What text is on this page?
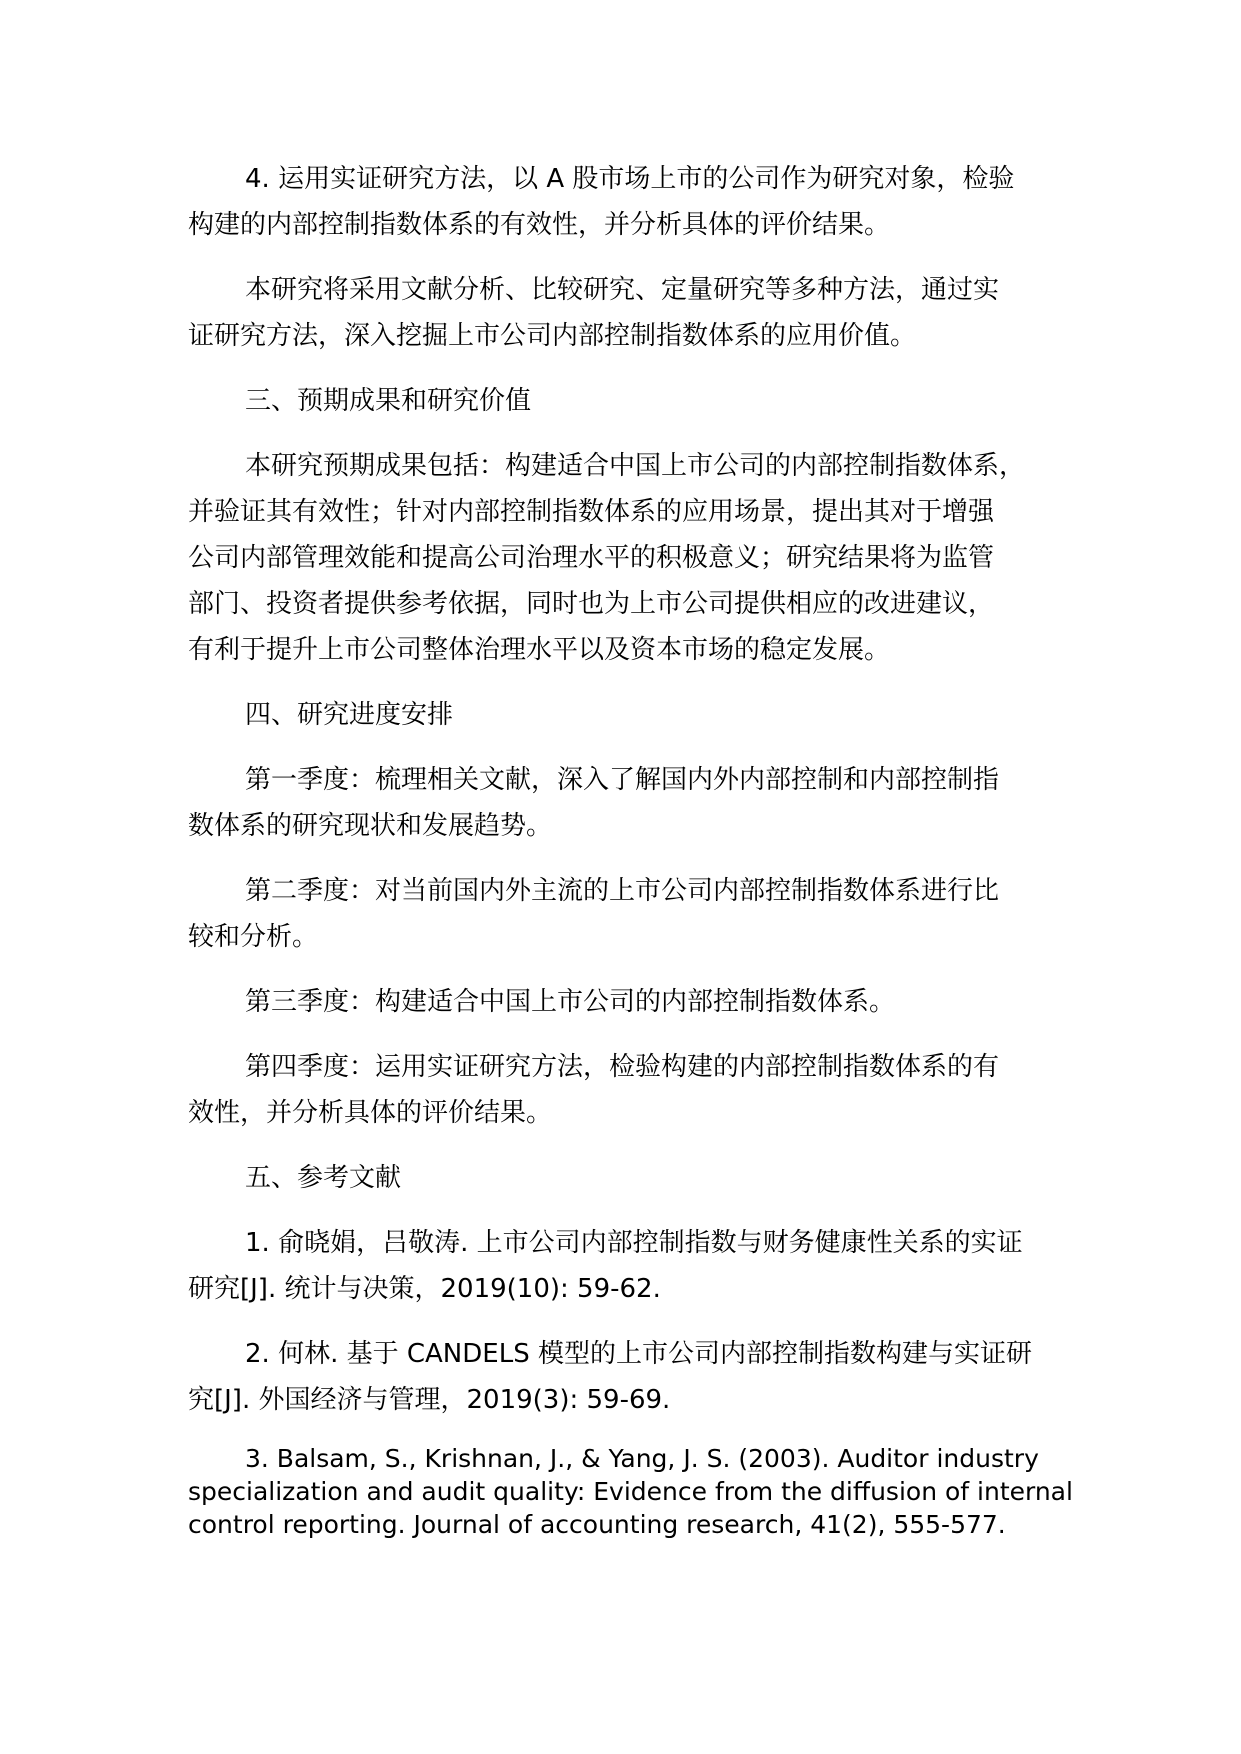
4. 运用实证研究方法，以 A 股市场上市的公司作为研究对象，检验
构建的内部控制指数体系的有效性，并分析具体的评价结果。

本研究将采用文献分析、比较研究、定量研究等多种方法，通过实
证研究方法，深入挖掘上市公司内部控制指数体系的应用价值。

三、预期成果和研究价值

本研究预期成果包括：构建适合中国上市公司的内部控制指数体系，
并验证其有效性；针对内部控制指数体系的应用场景，提出其对于增强
公司内部管理效能和提高公司治理水平的积极意义；研究结果将为监管
部门、投资者提供参考依据，同时也为上市公司提供相应的改进建议，
有利于提升上市公司整体治理水平以及资本市场的稳定发展。

四、研究进度安排

第一季度：梳理相关文献，深入了解国内外内部控制和内部控制指
数体系的研究现状和发展趋势。

第二季度：对当前国内外主流的上市公司内部控制指数体系进行比
较和分析。

第三季度：构建适合中国上市公司的内部控制指数体系。

第四季度：运用实证研究方法，检验构建的内部控制指数体系的有
效性，并分析具体的评价结果。

五、参考文献

1. 俞晓娟，吕敬涛. 上市公司内部控制指数与财务健康性关系的实证
研究[J]. 统计与决策，2019(10): 59-62.

2. 何林. 基于 CANDELS 模型的上市公司内部控制指数构建与实证研
究[J]. 外国经济与管理，2019(3): 59-69.

3. Balsam, S., Krishnan, J., & Yang, J. S. (2003). Auditor industry
specialization and audit quality: Evidence from the diffusion of internal
control reporting. Journal of accounting research, 41(2), 555-577.
